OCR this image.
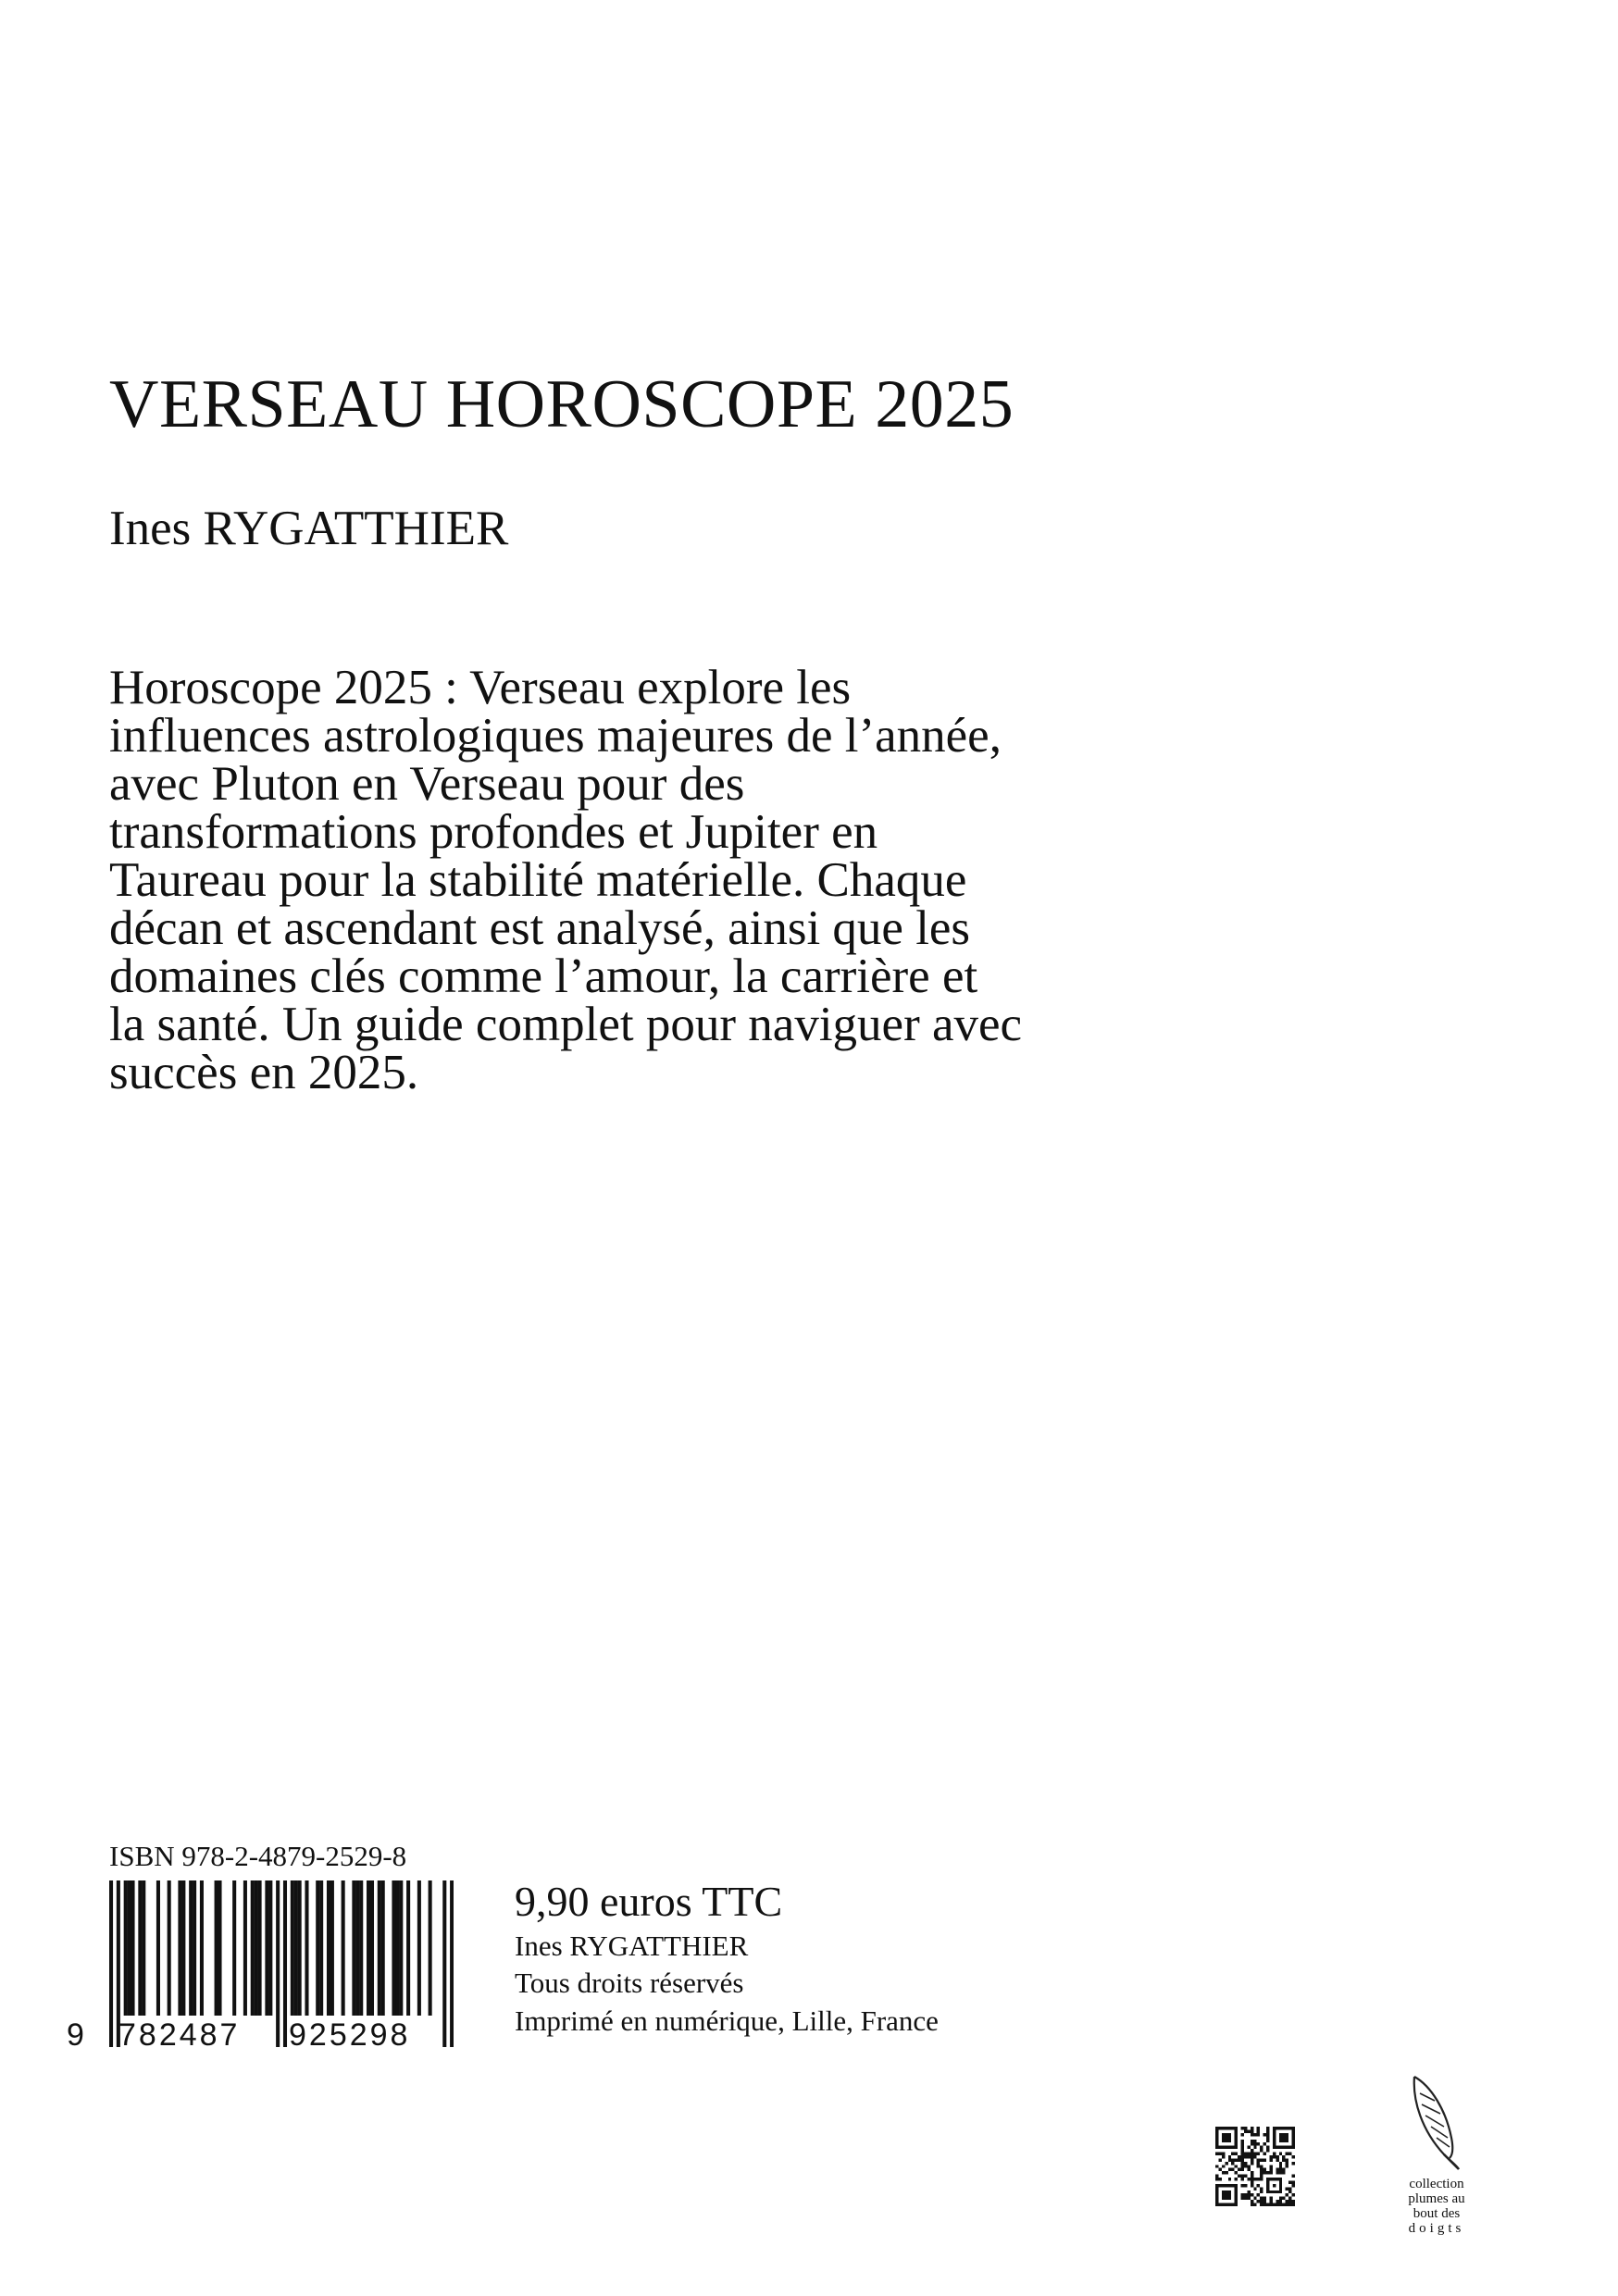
VERSEAU HOROSCOPE 2025
Ines RYGATTHIER

Horoscope 2025 : Verseau explore les
influences astrologiques majeures de l’année,
avec Pluton en Verseau pour des
transformations profondes et Jupiter en
Taureau pour la stabilité matérielle. Chaque
décan et ascendant est analysé, ainsi que les
domaines clés comme l’amour, la carrière et
la santé. Un guide complet pour naviguer avec
succès en 2025.

ISBN 978-2-4879-2529-8
9 782487 925298
9,90 euros TTC
Ines RYGATTHIER
Tous droits réservés
Imprimé en numérique, Lille, France
collection
plumes au
bout des
doigts
